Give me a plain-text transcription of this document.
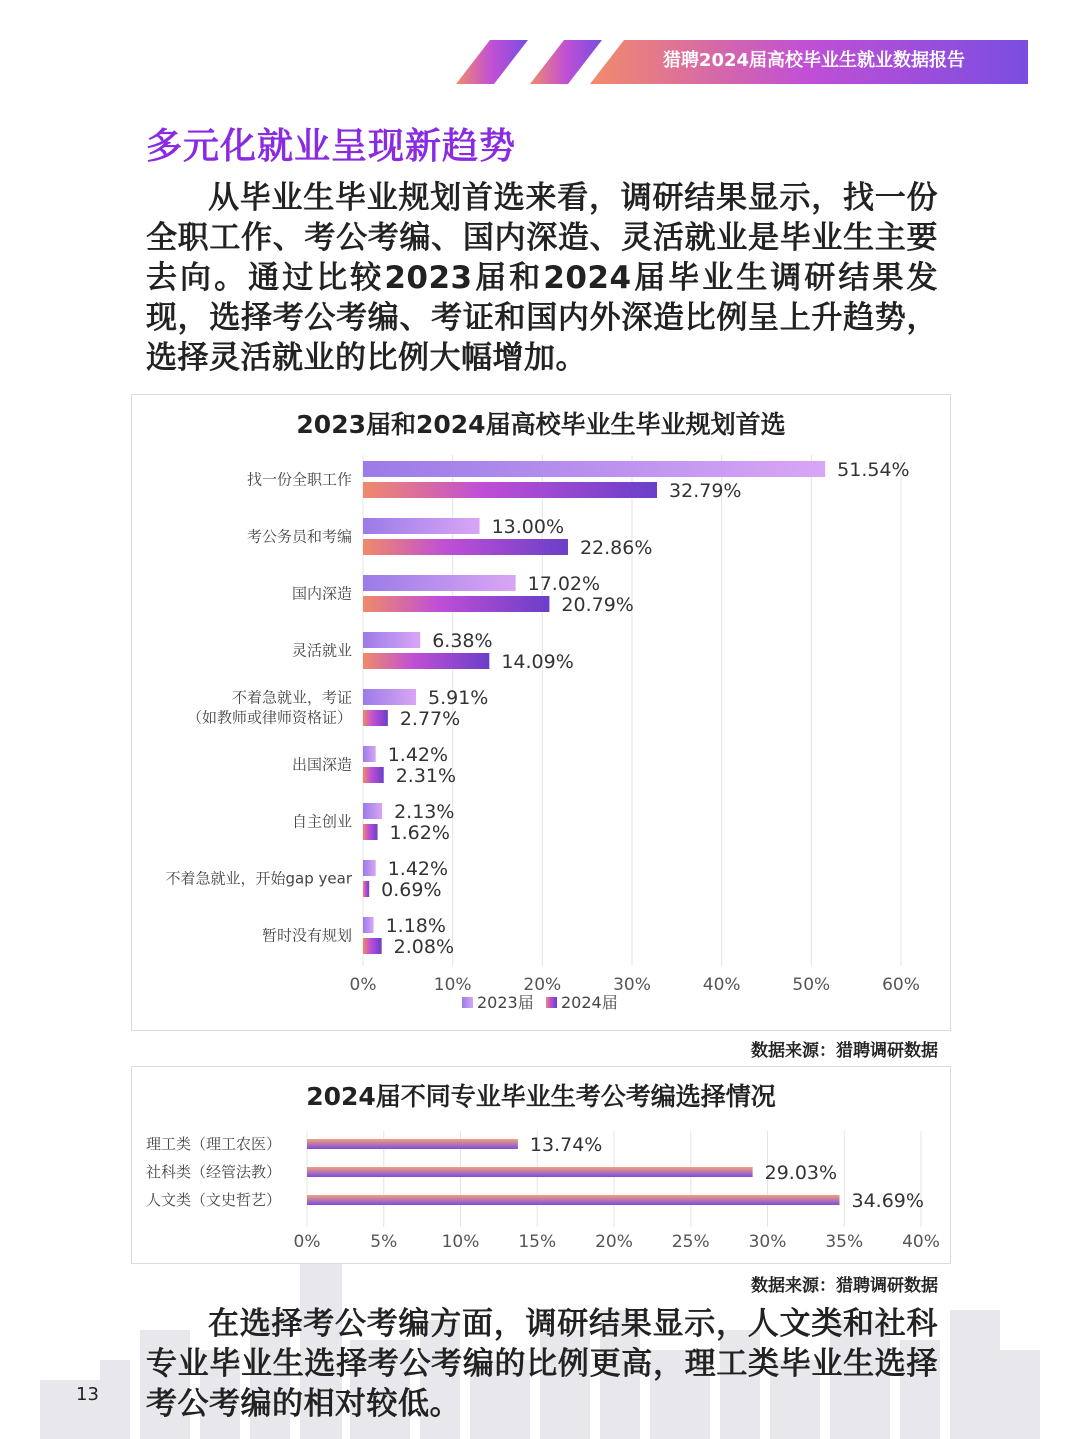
猎聘2024届高校毕业生就业数据报告
多元化就业呈现新趋势
从毕业生毕业规划首选来看，调研结果显示，找一份全职工作、考公考编、国内深造、灵活就业是毕业生主要去向。通过比较2023届和2024届毕业生调研结果发现，选择考公考编、考证和国内外深造比例呈上升趋势，选择灵活就业的比例大幅增加。
2023届和2024届高校毕业生毕业规划首选
0%	10%	20%	30%	40%	50%	60%
找一份全职工作	51.54%
32.79%
考公务员和考编	13.00%
22.86%
国内深造	17.02%
20.79%
灵活就业	6.38%
14.09%
不着急就业，考证（如教师或律师资格证）
5.91%
2.77%
出国深造 1.42%
2.31%
自主创业 2.13%
1.62%
不着急就业，开始gap year 1.42%
0.69%
暂时没有规划 1.18%
2.08%
2023届 2024届
数据来源：猎聘调研数据
2024届不同专业毕业生考公考编选择情况
0%	5%	10% 15% 20% 25% 30% 35% 40%
理工类（理工农医）	13.74%
社科类（经管法教）	29.03%
人文类（文史哲艺）	34.69%
数据来源：猎聘调研数据
在选择考公考编方面，调研结果显示，人文类和社科专业毕业生选择考公考编的比例更高，理工类毕业生选择考公考编的相对较低。
13
